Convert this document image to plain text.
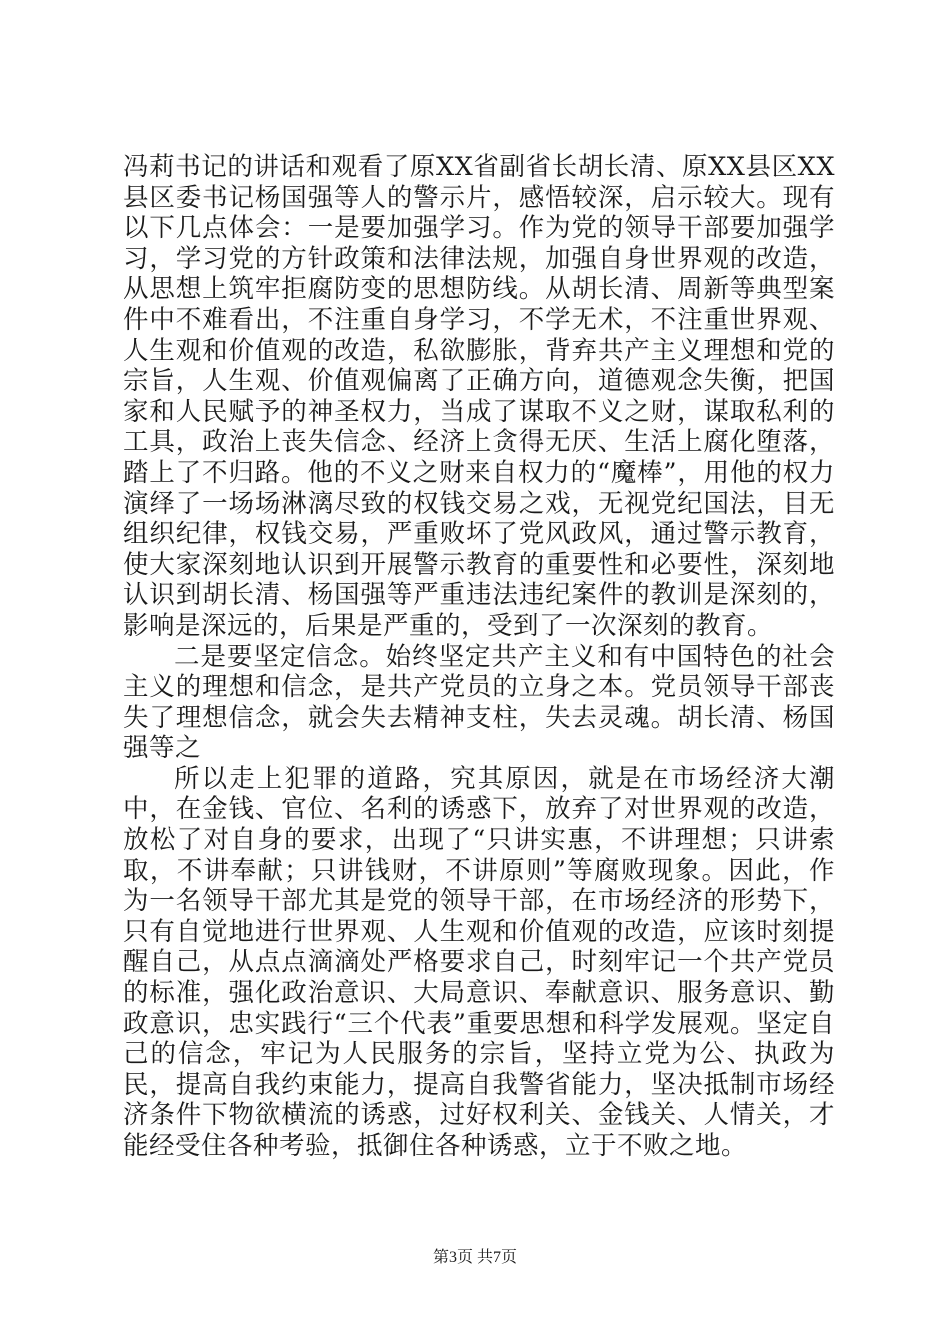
冯莉书记的讲话和观看了原XX省副省长胡长清、原XX县区XX县区委书记杨国强等人的警示片，感悟较深，启示较大。现有以下几点体会：一是要加强学习。作为党的领导干部要加强学习，学习党的方针政策和法律法规，加强自身世界观的改造，从思想上筑牢拒腐防变的思想防线。从胡长清、周新等典型案件中不难看出，不注重自身学习，不学无术，不注重世界观、人生观和价值观的改造，私欲膨胀，背弃共产主义理想和党的宗旨，人生观、价值观偏离了正确方向，道德观念失衡，把国家和人民赋予的神圣权力，当成了谋取不义之财，谋取私利的工具，政治上丧失信念、经济上贪得无厌、生活上腐化堕落，踏上了不归路。他的不义之财来自权力的“魔棒”，用他的权力演绎了一场场淋漓尽致的权钱交易之戏，无视党纪国法，目无组织纪律，权钱交易，严重败坏了党风政风，通过警示教育，使大家深刻地认识到开展警示教育的重要性和必要性，深刻地认识到胡长清、杨国强等严重违法违纪案件的教训是深刻的，影响是深远的，后果是严重的，受到了一次深刻的教育。

二是要坚定信念。始终坚定共产主义和有中国特色的社会主义的理想和信念，是共产党员的立身之本。党员领导干部丧失了理想信念，就会失去精神支柱，失去灵魂。胡长清、杨国强等之

所以走上犯罪的道路，究其原因，就是在市场经济大潮中，在金钱、官位、名利的诱惑下，放弃了对世界观的改造，放松了对自身的要求，出现了“只讲实惠，不讲理想；只讲索取，不讲奉献；只讲钱财，不讲原则”等腐败现象。因此，作为一名领导干部尤其是党的领导干部，在市场经济的形势下，只有自觉地进行世界观、人生观和价值观的改造，应该时刻提醒自己，从点点滴滴处严格要求自己，时刻牢记一个共产党员的标准，强化政治意识、大局意识、奉献意识、服务意识、勤政意识，忠实践行“三个代表”重要思想和科学发展观。坚定自己的信念，牢记为人民服务的宗旨，坚持立党为公、执政为民，提高自我约束能力，提高自我警省能力，坚决抵制市场经济条件下物欲横流的诱惑，过好权利关、金钱关、人情关，才能经受住各种考验，抵御住各种诱惑，立于不败之地。

第3页 共7页
